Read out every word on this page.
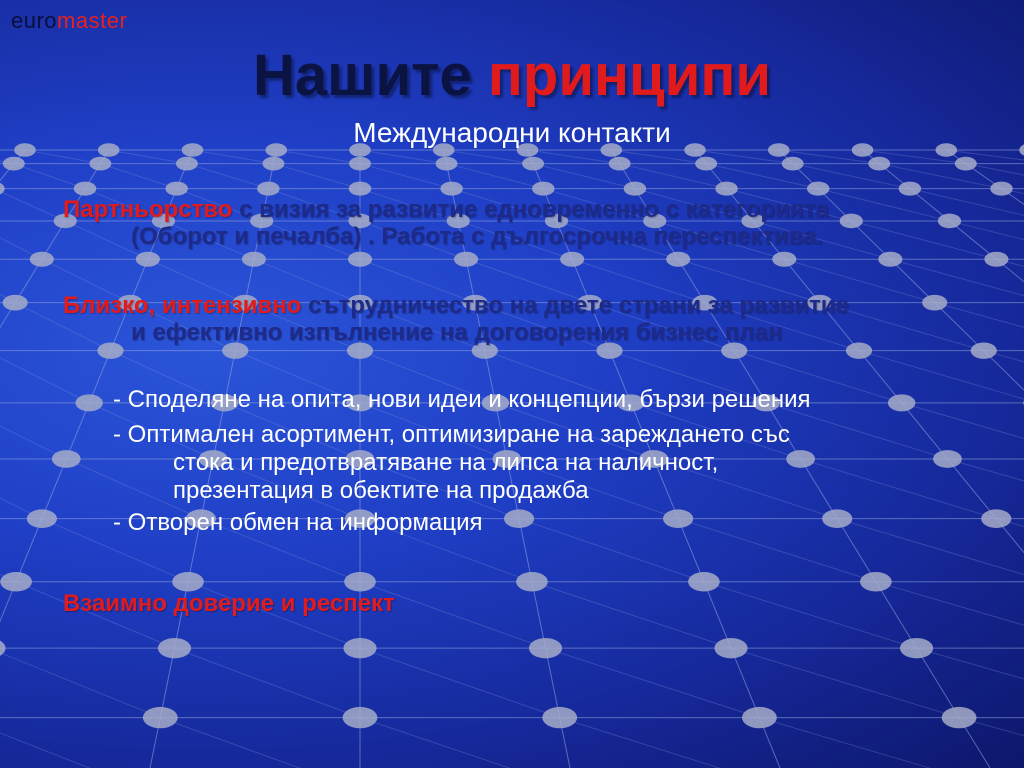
euromaster
Нашите принципи
Международни контакти
Партньорство с визия за развитие едновременно с категорията
(Оборот и печалба) . Работа с дългосрочна переспектива.
Близко, интензивно сътрудничество на двете страни за развитие
и ефективно изпълнение на договорения бизнес план
- Споделяне на опита, нови идеи и концепции, бързи решения
- Оптимален асортимент, оптимизиране на зареждането със
стока и предотвратяване на липса на наличност,
презентация в обектите на продажба
- Отворен обмен на информация
Взаимно доверие и респект
